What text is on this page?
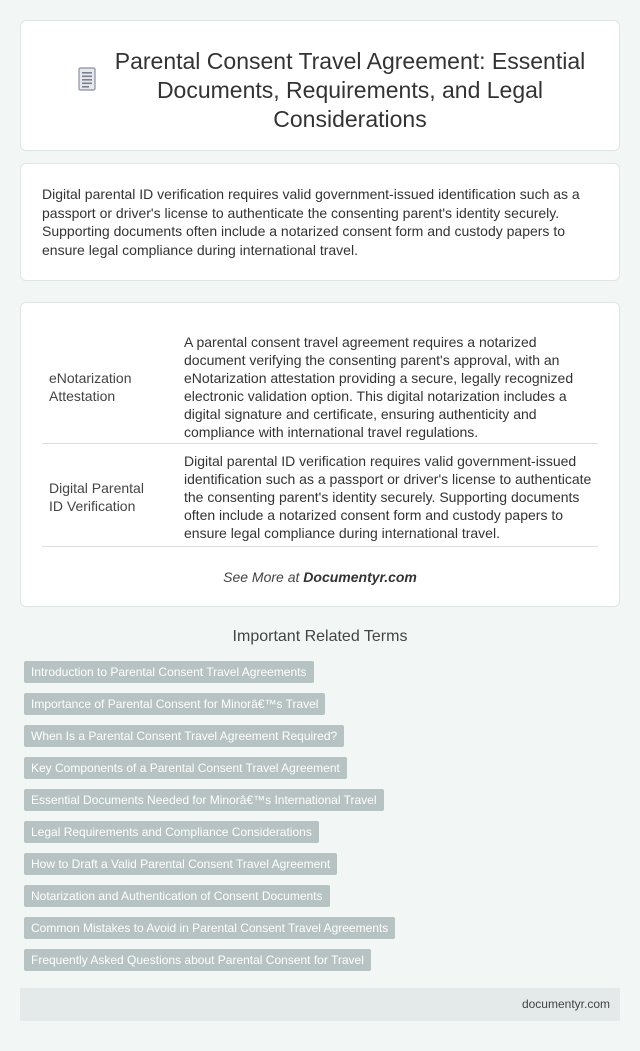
Parental Consent Travel Agreement: Essential Documents, Requirements, and Legal Considerations

Digital parental ID verification requires valid government-issued identification such as a passport or driver's license to authenticate the consenting parent's identity securely. Supporting documents often include a notarized consent form and custody papers to ensure legal compliance during international travel.

eNotarization Attestation
A parental consent travel agreement requires a notarized document verifying the consenting parent's approval, with an eNotarization attestation providing a secure, legally recognized electronic validation option. This digital notarization includes a digital signature and certificate, ensuring authenticity and compliance with international travel regulations.
Digital Parental ID Verification
Digital parental ID verification requires valid government-issued identification such as a passport or driver's license to authenticate the consenting parent's identity securely. Supporting documents often include a notarized consent form and custody papers to ensure legal compliance during international travel.
See More at Documentyr.com
Important Related Terms
Introduction to Parental Consent Travel Agreements
Importance of Parental Consent for Minorâ€™s Travel
When Is a Parental Consent Travel Agreement Required?
Key Components of a Parental Consent Travel Agreement
Essential Documents Needed for Minorâ€™s International Travel
Legal Requirements and Compliance Considerations
How to Draft a Valid Parental Consent Travel Agreement
Notarization and Authentication of Consent Documents
Common Mistakes to Avoid in Parental Consent Travel Agreements
Frequently Asked Questions about Parental Consent for Travel
documentyr.com
